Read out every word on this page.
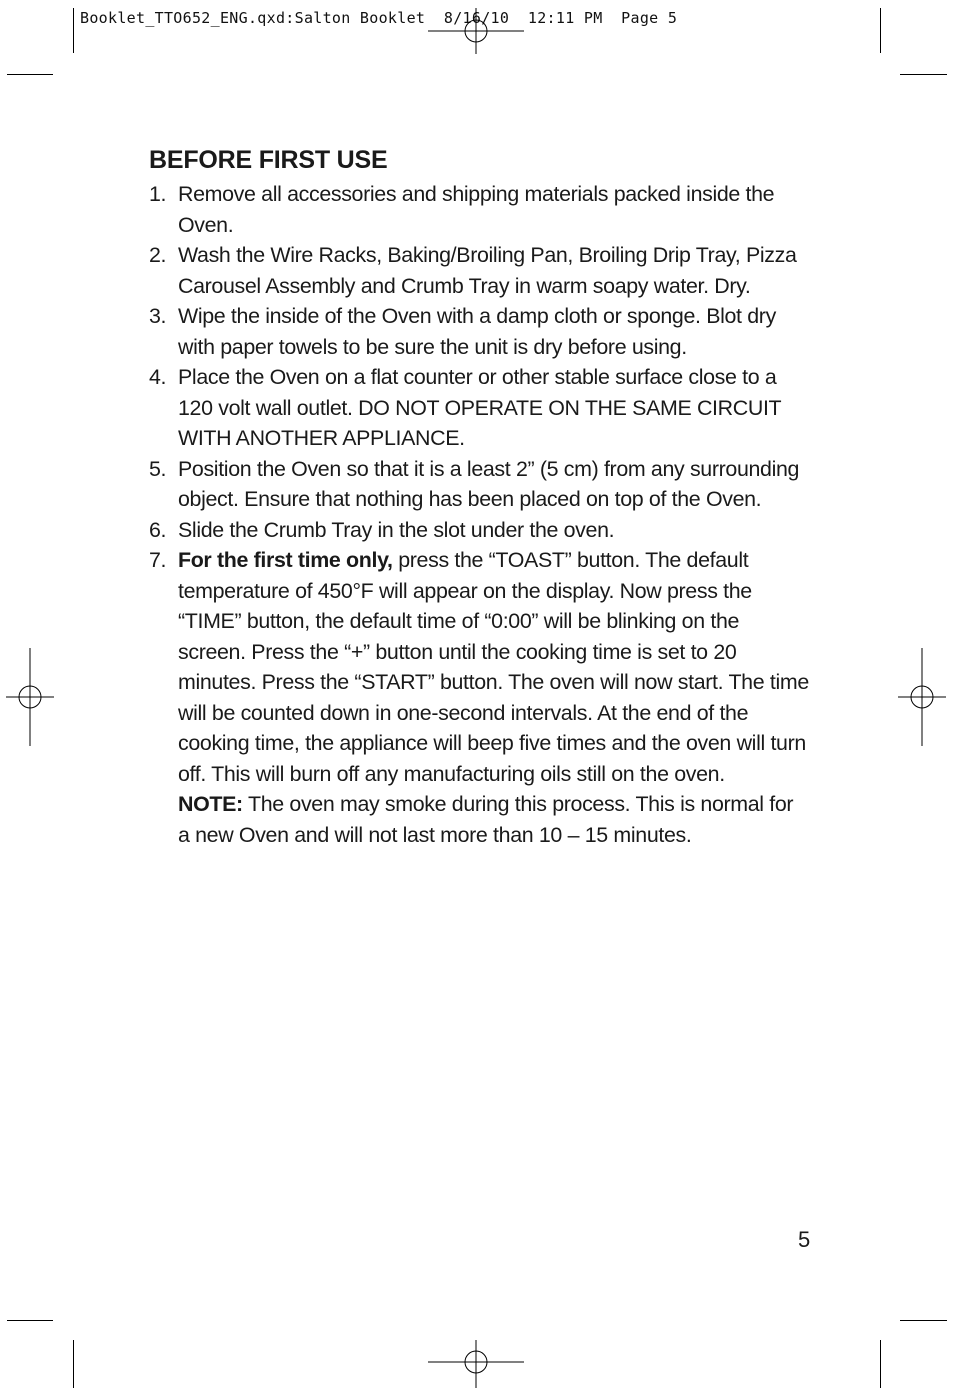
Booklet_TTO652_ENG.qxd:Salton Booklet  8/16/10  12:11 PM  Page 5
BEFORE FIRST USE
1. Remove all accessories and shipping materials packed inside the Oven.
2. Wash the Wire Racks, Baking/Broiling Pan, Broiling Drip Tray, Pizza Carousel Assembly and Crumb Tray in warm soapy water. Dry.
3. Wipe the inside of the Oven with a damp cloth or sponge. Blot dry with paper towels to be sure the unit is dry before using.
4. Place the Oven on a flat counter or other stable surface close to a 120 volt wall outlet. DO NOT OPERATE ON THE SAME CIRCUIT WITH ANOTHER APPLIANCE.
5. Position the Oven so that it is a least 2” (5 cm) from any surrounding object. Ensure that nothing has been placed on top of the Oven.
6. Slide the Crumb Tray in the slot under the oven.
7. For the first time only, press the “TOAST” button. The default temperature of 450°F will appear on the display. Now press the “TIME” button, the default time of “0:00” will be blinking on the screen. Press the “+” button until the cooking time is set to 20 minutes. Press the “START” button. The oven will now start. The time will be counted down in one-second intervals. At the end of the cooking time, the appliance will beep five times and the oven will turn off. This will burn off any manufacturing oils still on the oven.
NOTE: The oven may smoke during this process. This is normal for a new Oven and will not last more than 10 – 15 minutes.
5
